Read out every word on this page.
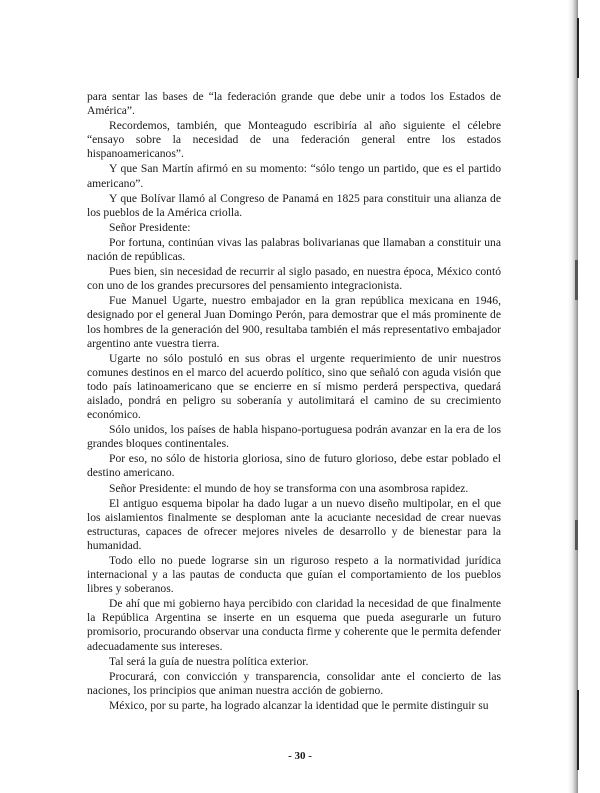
para sentar las bases de “la federación grande que debe unir a todos los Estados de América”.

Recordemos, también, que Monteagudo escribiría al año siguiente el célebre “ensayo sobre la necesidad de una federación general entre los estados hispanoamericanos”.

Y que San Martín afirmó en su momento: “sólo tengo un partido, que es el partido americano”.

Y que Bolívar llamó al Congreso de Panamá en 1825 para constituir una alianza de los pueblos de la América criolla.

Señor Presidente:

Por fortuna, continúan vivas las palabras bolivarianas que llamaban a constituir una nación de repúblicas.

Pues bien, sin necesidad de recurrir al siglo pasado, en nuestra época, México contó con uno de los grandes precursores del pensamiento integracionista.

Fue Manuel Ugarte, nuestro embajador en la gran república mexicana en 1946, designado por el general Juan Domingo Perón, para demostrar que el más prominente de los hombres de la generación del 900, resultaba también el más representativo embajador argentino ante vuestra tierra.

Ugarte no sólo postuló en sus obras el urgente requerimiento de unir nuestros comunes destinos en el marco del acuerdo político, sino que señaló con aguda visión que todo país latinoamericano que se encierre en sí mismo perderá perspectiva, quedará aislado, pondrá en peligro su soberanía y autolimitará el camino de su crecimiento económico.

Sólo unidos, los países de habla hispano-portuguesa podrán avanzar en la era de los grandes bloques continentales.

Por eso, no sólo de historia gloriosa, sino de futuro glorioso, debe estar poblado el destino americano.

Señor Presidente: el mundo de hoy se transforma con una asombrosa rapidez.

El antiguo esquema bipolar ha dado lugar a un nuevo diseño multipolar, en el que los aislamientos finalmente se desploman ante la acuciante necesidad de crear nuevas estructuras, capaces de ofrecer mejores niveles de desarrollo y de bienestar para la humanidad.

Todo ello no puede lograrse sin un riguroso respeto a la normatividad jurídica internacional y a las pautas de conducta que guían el comportamiento de los pueblos libres y soberanos.

De ahí que mi gobierno haya percibido con claridad la necesidad de que finalmente la República Argentina se inserte en un esquema que pueda asegurarle un futuro promisorio, procurando observar una conducta firme y coherente que le permita defender adecuadamente sus intereses.

Tal será la guía de nuestra política exterior.

Procurará, con convicción y transparencia, consolidar ante el concierto de las naciones, los principios que animan nuestra acción de gobierno.

México, por su parte, ha logrado alcanzar la identidad que le permite distinguir su

- 30 -
